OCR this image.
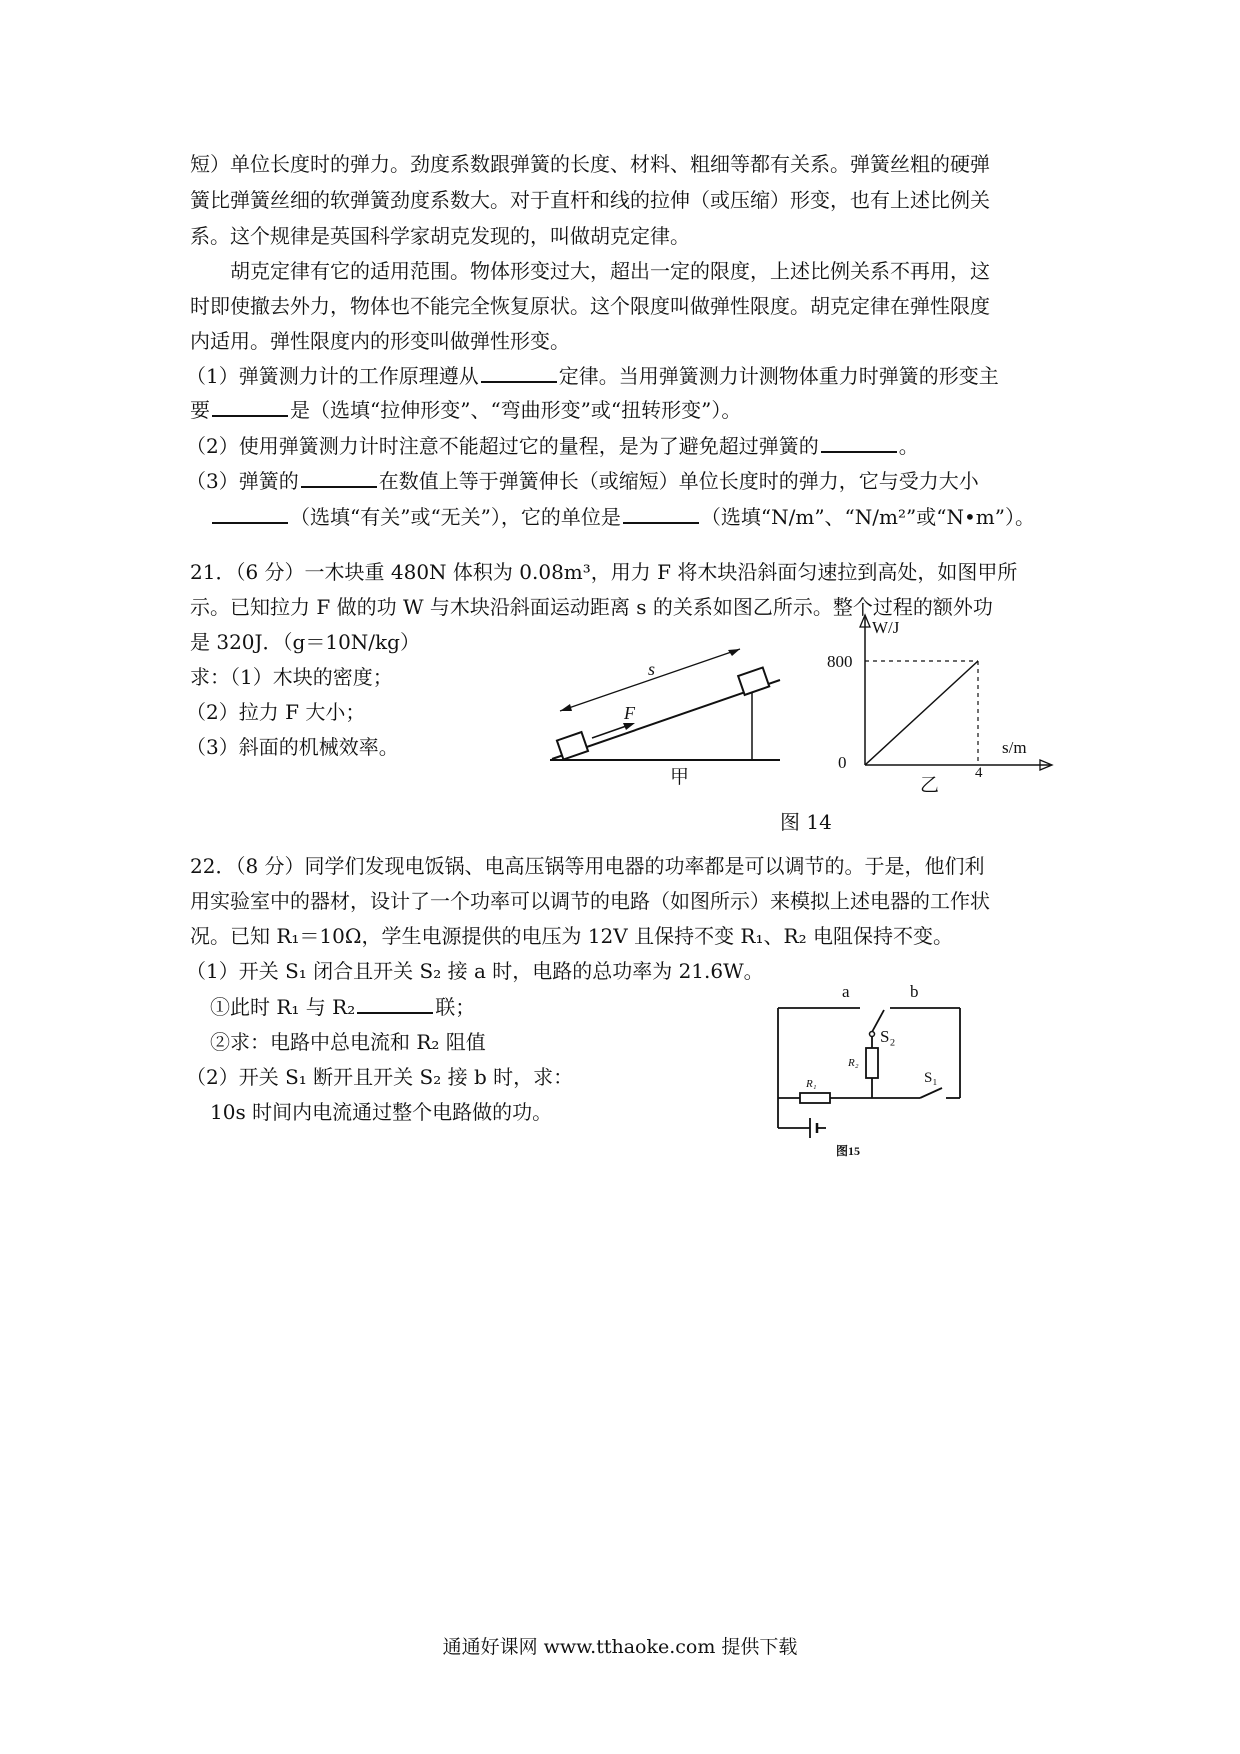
短）单位长度时的弹力。劲度系数跟弹簧的长度、材料、粗细等都有关系。弹簧丝粗的硬弹
簧比弹簧丝细的软弹簧劲度系数大。对于直杆和线的拉伸（或压缩）形变，也有上述比例关
系。这个规律是英国科学家胡克发现的，叫做胡克定律。
胡克定律有它的适用范围。物体形变过大，超出一定的限度，上述比例关系不再用，这
时即使撤去外力，物体也不能完全恢复原状。这个限度叫做弹性限度。胡克定律在弹性限度
内适用。弹性限度内的形变叫做弹性形变。
（1）弹簧测力计的工作原理遵从	定律。当用弹簧测力计测物体重力时弹簧的形变主
要	是（选填“拉伸形变”、“弯曲形变”或“扭转形变”）。
（2）使用弹簧测力计时注意不能超过它的量程，是为了避免超过弹簧的	。
（3）弹簧的	在数值上等于弹簧伸长（或缩短）单位长度时的弹力，它与受力大小
（选填“有关”或“无关”），它的单位是	（选填“N/m”、“N/m²”或“N•m”）。
21．（6 分）一木块重 480N 体积为 0.08m³，用力 F 将木块沿斜面匀速拉到高处，如图甲所
示。已知拉力 F 做的功 W 与木块沿斜面运动距离 s 的关系如图乙所示。整个过程的额外功
是 320J．（g＝10N/kg）
求：（1）木块的密度；
（2）拉力 F 大小；
（3）斜面的机械效率。
s
F
甲
W/J
s/m
800
4
0
乙
图 14
22．（8 分）同学们发现电饭锅、电高压锅等用电器的功率都是可以调节的。于是，他们利
用实验室中的器材，设计了一个功率可以调节的电路（如图所示）来模拟上述电器的工作状
况。已知 R₁＝10Ω，学生电源提供的电压为 12V 且保持不变 R₁、R₂ 电阻保持不变。
（1）开关 S₁ 闭合且开关 S₂ 接 a 时，电路的总功率为 21.6W。
①此时 R₁ 与 R₂	联；
②求：电路中总电流和 R₂ 阻值
（2）开关 S₁ 断开且开关 S₂ 接 b 时，求：
10s 时间内电流通过整个电路做的功。
a	b
S₂
R₂
R₁	S₁
图15
通通好课网 www.tthaoke.com 提供下载
